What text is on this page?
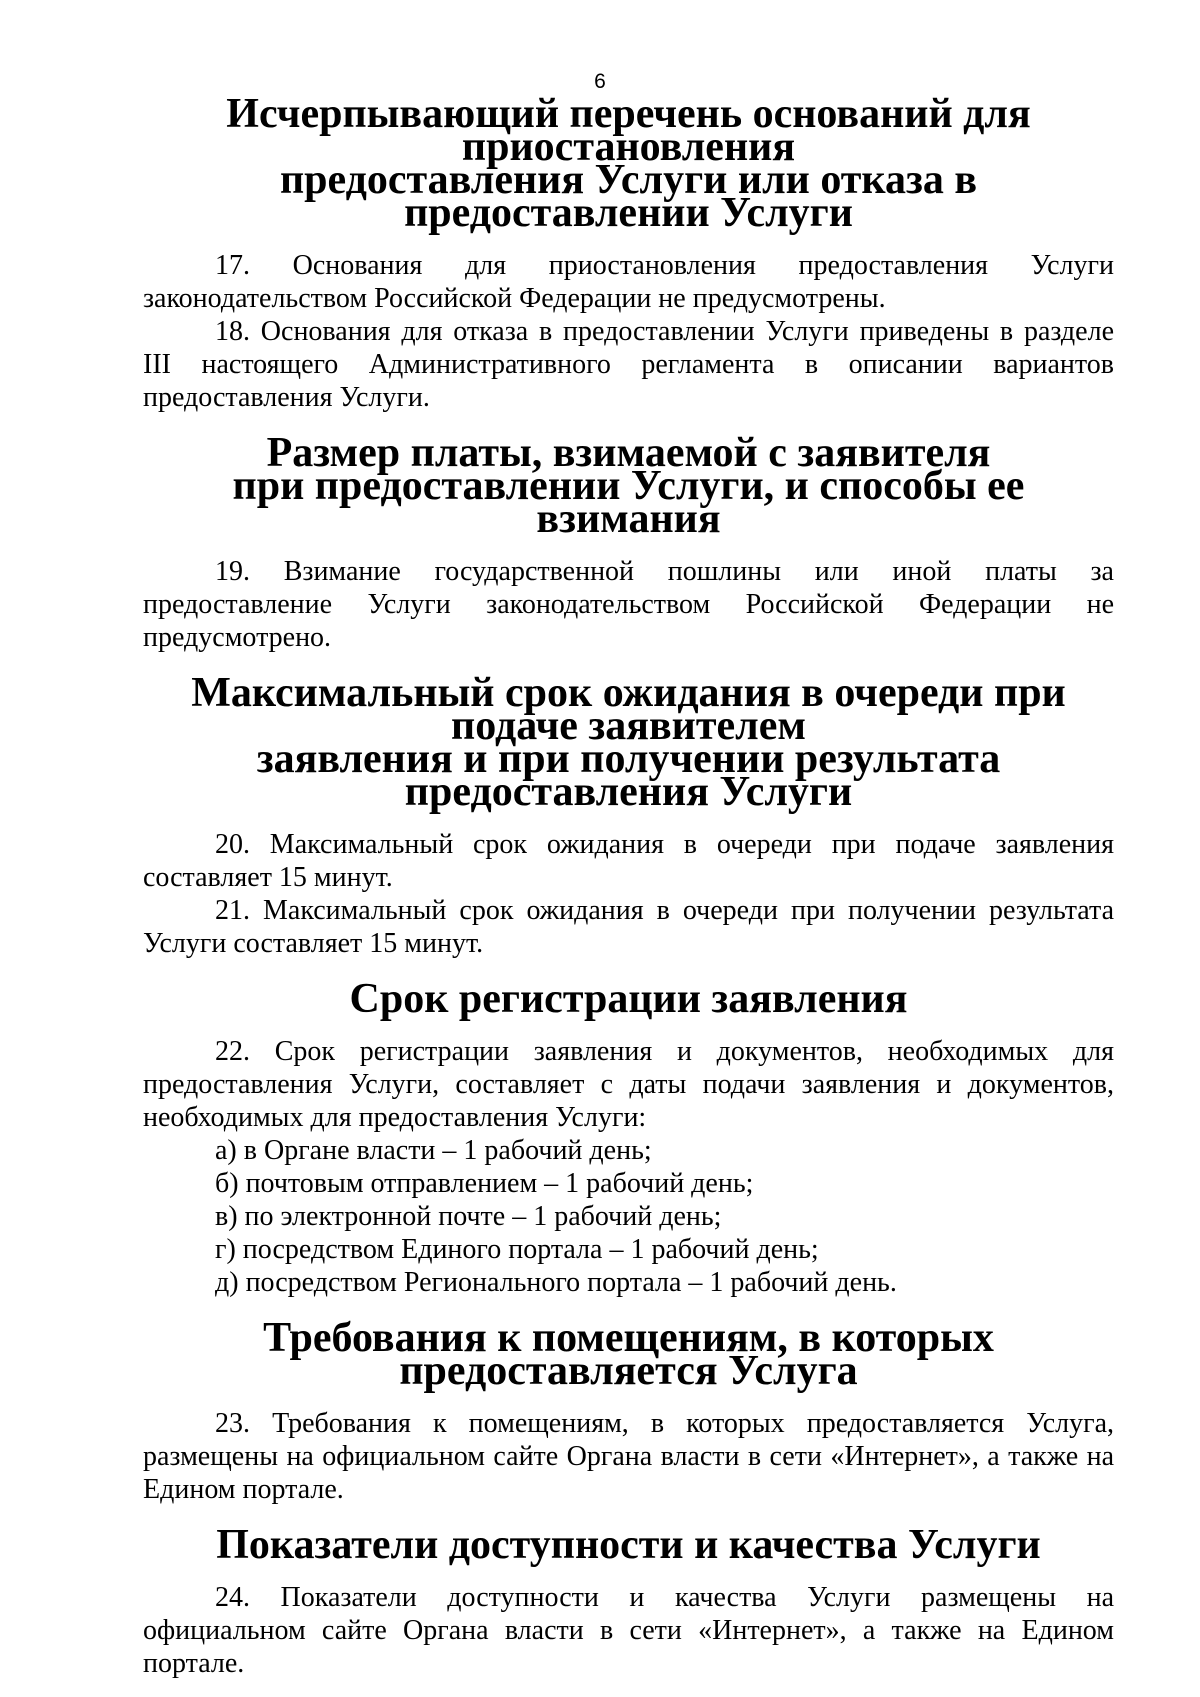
6
Исчерпывающий перечень оснований для приостановления
предоставления Услуги или отказа в предоставлении Услуги

17. Основания для приостановления предоставления Услуги законодательством Российской Федерации не предусмотрены.

18. Основания для отказа в предоставлении Услуги приведены в разделе III настоящего Административного регламента в описании вариантов предоставления Услуги.

Размер платы, взимаемой с заявителя
при предоставлении Услуги, и способы ее взимания

19. Взимание государственной пошлины или иной платы за предоставление Услуги законодательством Российской Федерации не предусмотрено.

Максимальный срок ожидания в очереди при подаче заявителем
заявления и при получении результата предоставления Услуги

20. Максимальный срок ожидания в очереди при подаче заявления составляет 15 минут.

21. Максимальный срок ожидания в очереди при получении результата Услуги составляет 15 минут.

Срок регистрации заявления

22. Срок регистрации заявления и документов, необходимых для предоставления Услуги, составляет с даты подачи заявления и документов, необходимых для предоставления Услуги:

а) в Органе власти – 1 рабочий день;

б) почтовым отправлением – 1 рабочий день;

в) по электронной почте – 1 рабочий день;

г) посредством Единого портала – 1 рабочий день;

д) посредством Регионального портала – 1 рабочий день.

Требования к помещениям, в которых предоставляется Услуга

23. Требования к помещениям, в которых предоставляется Услуга, размещены на официальном сайте Органа власти в сети «Интернет», а также на Едином портале.

Показатели доступности и качества Услуги

24. Показатели доступности и качества Услуги размещены на официальном сайте Органа власти в сети «Интернет», а также на Едином портале.
